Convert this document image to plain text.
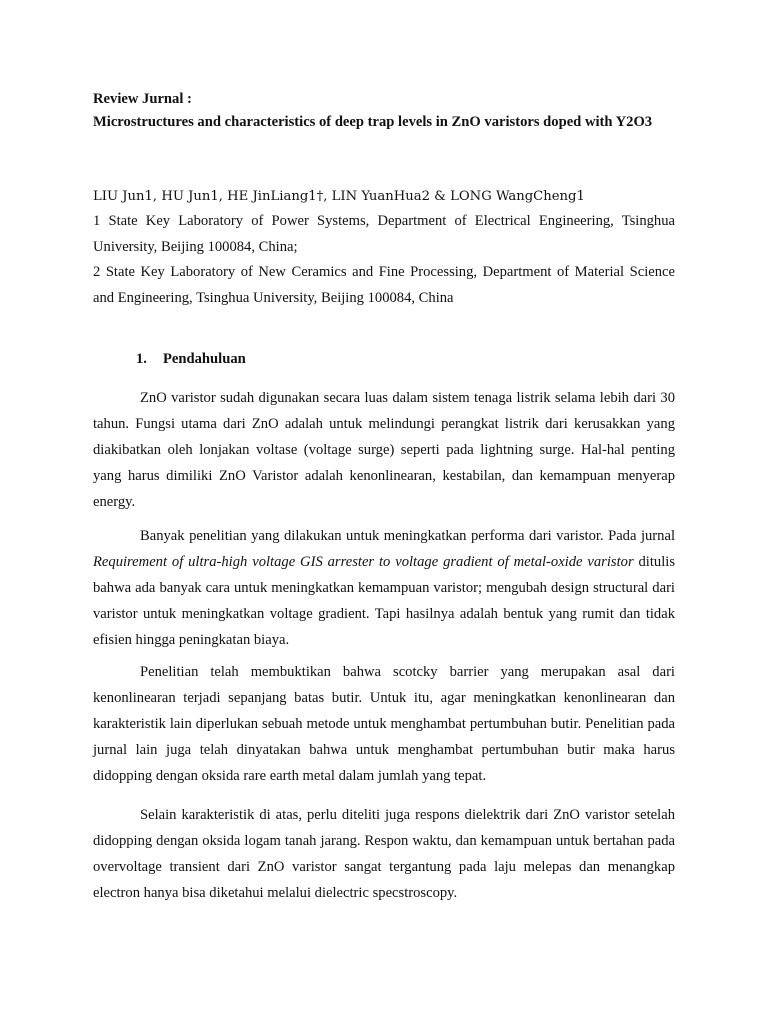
Review Jurnal :
Microstructures and characteristics of deep trap levels in ZnO varistors doped with Y2O3
LIU Jun1, HU Jun1, HE JinLiang1†, LIN YuanHua2 & LONG WangCheng1
1 State Key Laboratory of Power Systems, Department of Electrical Engineering, Tsinghua University, Beijing 100084, China;
2 State Key Laboratory of New Ceramics and Fine Processing, Department of Material Science and Engineering, Tsinghua University, Beijing 100084, China
1. Pendahuluan
ZnO varistor sudah digunakan secara luas dalam sistem tenaga listrik selama lebih dari 30 tahun. Fungsi utama dari ZnO adalah untuk melindungi perangkat listrik dari kerusakkan yang diakibatkan oleh lonjakan voltase (voltage surge) seperti pada lightning surge. Hal-hal penting yang harus dimiliki ZnO Varistor adalah kenonlinearan, kestabilan, dan kemampuan menyerap energy.
Banyak penelitian yang dilakukan untuk meningkatkan performa dari varistor. Pada jurnal Requirement of ultra-high voltage GIS arrester to voltage gradient of metal-oxide varistor ditulis bahwa ada banyak cara untuk meningkatkan kemampuan varistor; mengubah design structural dari varistor untuk meningkatkan voltage gradient. Tapi hasilnya adalah bentuk yang rumit dan tidak efisien hingga peningkatan biaya.
Penelitian telah membuktikan bahwa scotcky barrier yang merupakan asal dari kenonlinearan terjadi sepanjang batas butir. Untuk itu, agar meningkatkan kenonlinearan dan karakteristik lain diperlukan sebuah metode untuk menghambat pertumbuhan butir. Penelitian pada jurnal lain juga telah dinyatakan bahwa untuk menghambat pertumbuhan butir maka harus didopping dengan oksida rare earth metal dalam jumlah yang tepat.
Selain karakteristik di atas, perlu diteliti juga respons dielektrik dari ZnO varistor setelah didopping dengan oksida logam tanah jarang. Respon waktu, dan kemampuan untuk bertahan pada overvoltage transient dari ZnO varistor sangat tergantung pada laju melepas dan menangkap electron hanya bisa diketahui melalui dielectric specstroscopy.
